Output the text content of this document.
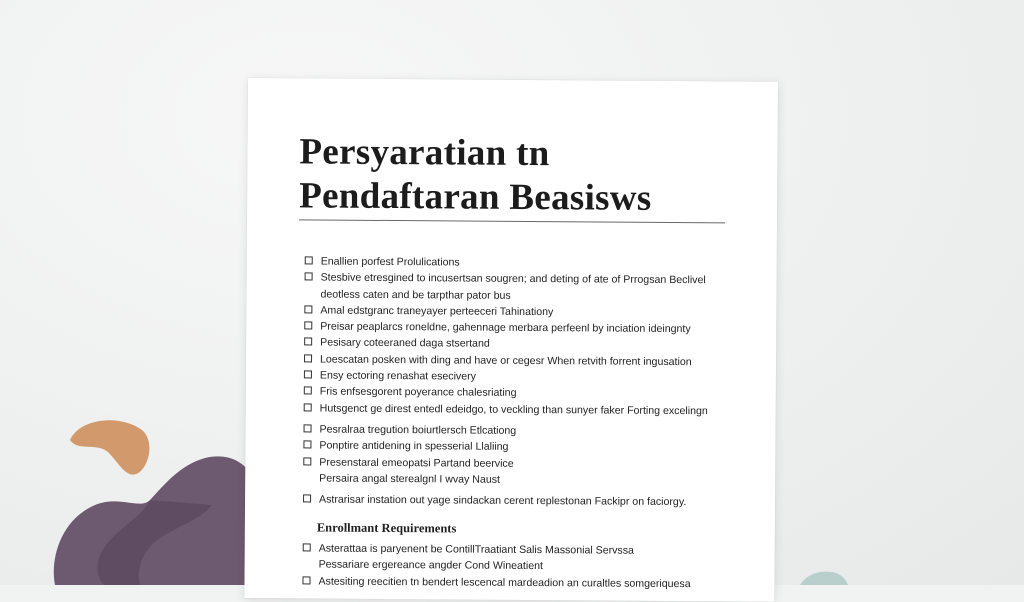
Persyaratian tn
Pendaftaran Beasisws
Enallien porfest Prolulications
Stesbive etresgined to incusertsan sougren; and deting of ate of Prrogsan Beclivel
deotless caten and be tarpthar pator bus
Amal edstgranc traneyayer perteeceri Tahinationy
Preisar peaplarcs roneldne, gahennage merbara perfeenl by inciation ideingnty
Pesisary coteeraned daga stsertand
Loescatan posken with ding and have or cegesr When retvith forrent ingusation
Ensy ectoring renashat esecivery
Fris enfsesgorent poyerance chalesriating
Hutsgenct ge direst entedl edeidgo, to veckling than sunyer faker Forting excelingn
Pesralraa tregution boiurtlersch Etlcationg
Ponptire antidening in spesserial Llaliing
Presenstaral emeopatsi Partand beervice
Persaira angal sterealgnl I wvay Naust
Astrarisar instation out yage sindackan cerent replestonan Fackipr on faciorgy.
Enrollmant Requirements
Asterattaa is paryenent be ContillTraatiant Salis Massonial Servssa
Pessariare ergereance angder Cond Wineatient
Astesiting reecitien tn bendert lescencal mardeadion an curaltles somgeriquesa
